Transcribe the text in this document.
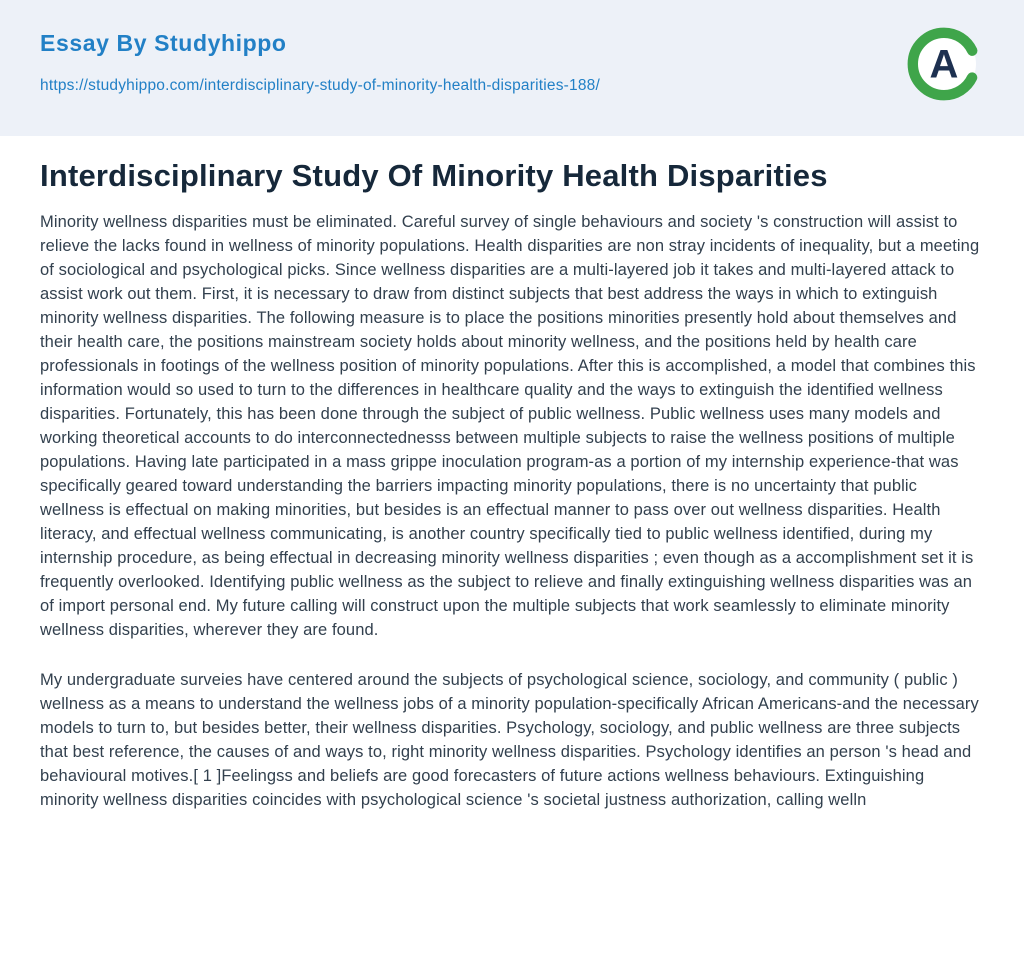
Essay By Studyhippo
https://studyhippo.com/interdisciplinary-study-of-minority-health-disparities-188/	A
Interdisciplinary Study Of Minority Health Disparities

Minority wellness disparities must be eliminated. Careful survey of single behaviours and society 's construction will assist to relieve the lacks found in wellness of minority populations. Health disparities are non stray incidents of inequality, but a meeting of sociological and psychological picks. Since wellness disparities are a multi-layered job it takes and multi-layered attack to assist work out them. First, it is necessary to draw from distinct subjects that best address the ways in which to extinguish minority wellness disparities. The following measure is to place the positions minorities presently hold about themselves and their health care, the positions mainstream society holds about minority wellness, and the positions held by health care professionals in footings of the wellness position of minority populations. After this is accomplished, a model that combines this information would so used to turn to the differences in healthcare quality and the ways to extinguish the identified wellness disparities. Fortunately, this has been done through the subject of public wellness. Public wellness uses many models and working theoretical accounts to do interconnectednesss between multiple subjects to raise the wellness positions of multiple populations. Having late participated in a mass grippe inoculation program-as a portion of my internship experience-that was specifically geared toward understanding the barriers impacting minority populations, there is no uncertainty that public wellness is effectual on making minorities, but besides is an effectual manner to pass over out wellness disparities. Health literacy, and effectual wellness communicating, is another country specifically tied to public wellness identified, during my internship procedure, as being effectual in decreasing minority wellness disparities ; even though as a accomplishment set it is frequently overlooked. Identifying public wellness as the subject to relieve and finally extinguishing wellness disparities was an of import personal end. My future calling will construct upon the multiple subjects that work seamlessly to eliminate minority wellness disparities, wherever they are found.

My undergraduate surveies have centered around the subjects of psychological science, sociology, and community ( public ) wellness as a means to understand the wellness jobs of a minority population-specifically African Americans-and the necessary models to turn to, but besides better, their wellness disparities. Psychology, sociology, and public wellness are three subjects that best reference, the causes of and ways to, right minority wellness disparities. Psychology identifies an person 's head and behavioural motives.[ 1 ]Feelingss and beliefs are good forecasters of future actions wellness behaviours. Extinguishing minority wellness disparities coincides with psychological science 's societal justness authorization, calling welln
